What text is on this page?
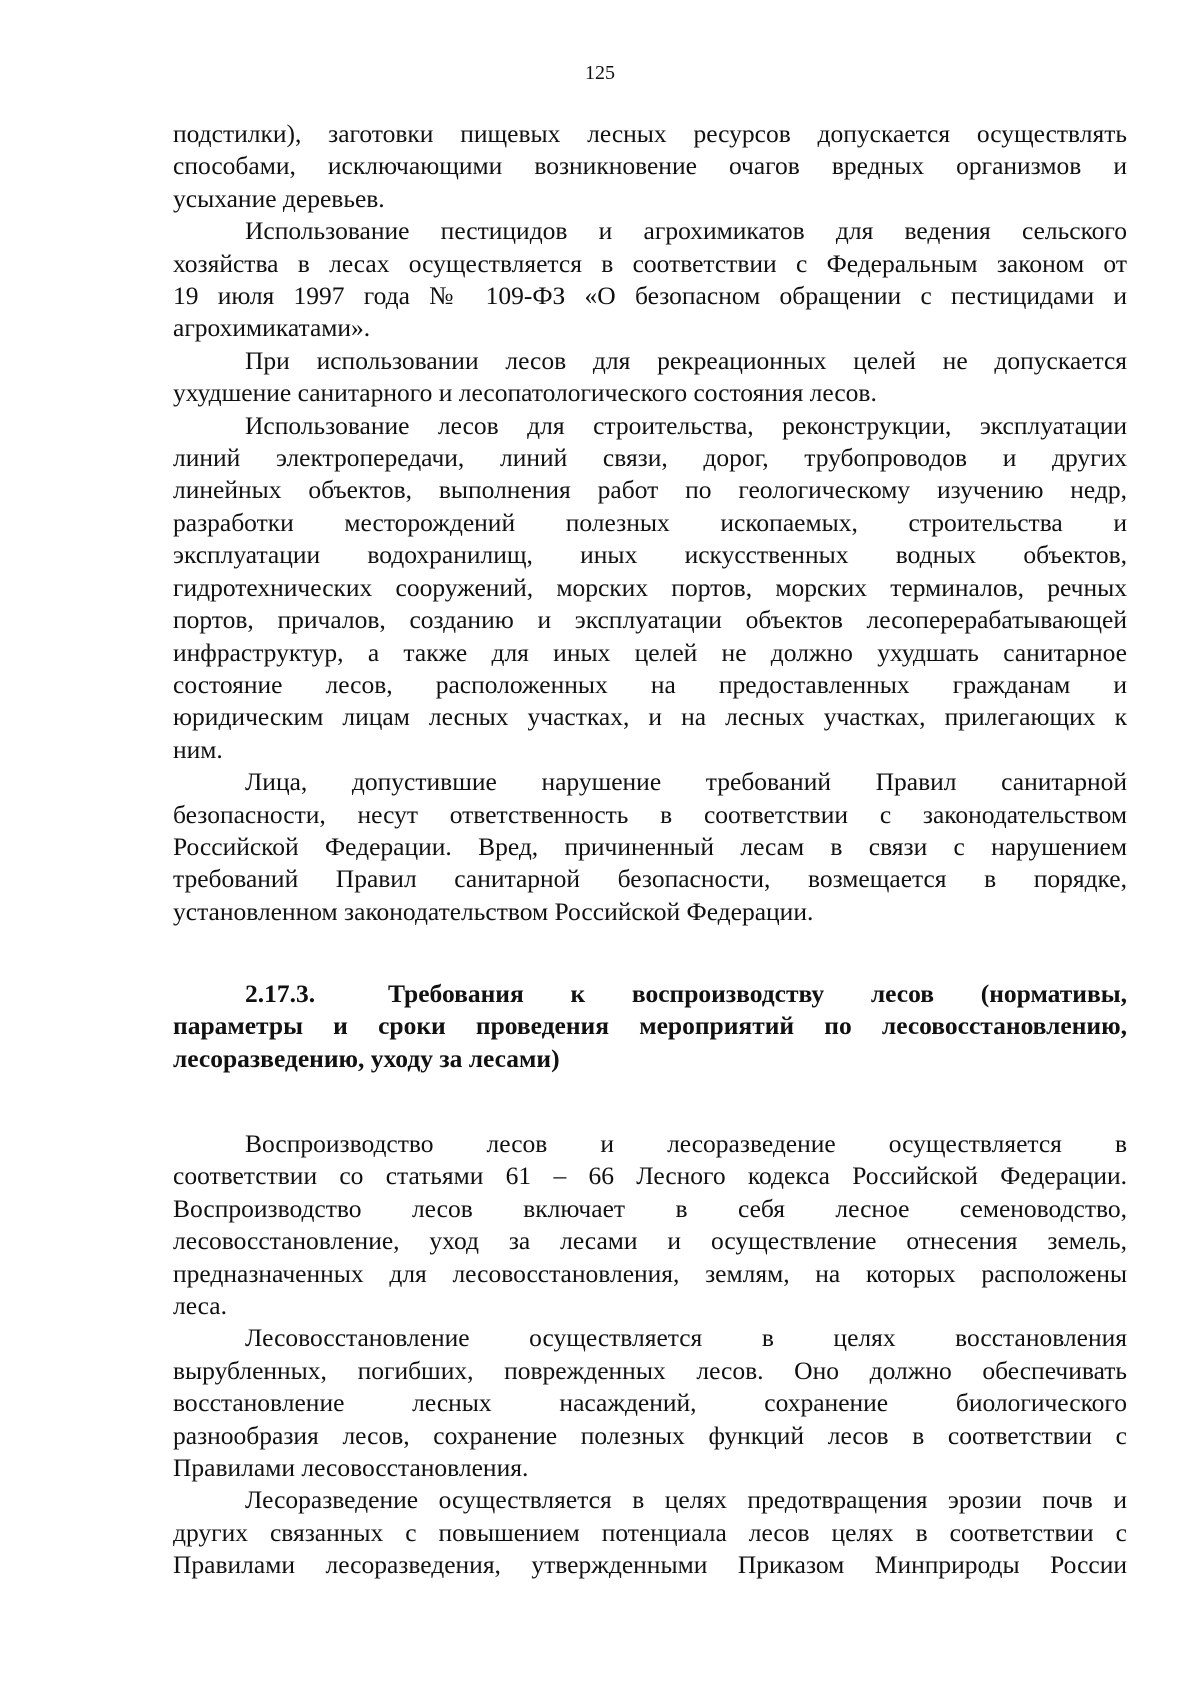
125

подстилки), заготовки пищевых лесных ресурсов допускается осуществлять
способами, исключающими возникновение очагов вредных организмов и
усыхание деревьев.

Использование пестицидов и агрохимикатов для ведения сельского
хозяйства в лесах осуществляется в соответствии с Федеральным законом от
19 июля 1997 года № 109-ФЗ «О безопасном обращении с пестицидами и
агрохимикатами».

При использовании лесов для рекреационных целей не допускается
ухудшение санитарного и лесопатологического состояния лесов.

Использование лесов для строительства, реконструкции, эксплуатации
линий электропередачи, линий связи, дорог, трубопроводов и других
линейных объектов, выполнения работ по геологическому изучению недр,
разработки месторождений полезных ископаемых, строительства и
эксплуатации водохранилищ, иных искусственных водных объектов,
гидротехнических сооружений, морских портов, морских терминалов, речных
портов, причалов, созданию и эксплуатации объектов лесоперерабатывающей
инфраструктур, а также для иных целей не должно ухудшать санитарное
состояние лесов, расположенных на предоставленных гражданам и
юридическим лицам лесных участках, и на лесных участках, прилегающих к
ним.

Лица, допустившие нарушение требований Правил санитарной
безопасности, несут ответственность в соответствии с законодательством
Российской Федерации. Вред, причиненный лесам в связи с нарушением
требований Правил санитарной безопасности, возмещается в порядке,
установленном законодательством Российской Федерации.

2.17.3.	Требования к воспроизводству лесов (нормативы,
параметры и сроки проведения мероприятий по лесовосстановлению,
лесоразведению, уходу за лесами)

Воспроизводство лесов и лесоразведение осуществляется в
соответствии со статьями 61 – 66 Лесного кодекса Российской Федерации.
Воспроизводство лесов включает в себя лесное семеноводство,
лесовосстановление, уход за лесами и осуществление отнесения земель,
предназначенных для лесовосстановления, землям, на которых расположены
леса.

Лесовосстановление осуществляется в целях восстановления
вырубленных, погибших, поврежденных лесов. Оно должно обеспечивать
восстановление лесных насаждений, сохранение биологического
разнообразия лесов, сохранение полезных функций лесов в соответствии с
Правилами лесовосстановления.

Лесоразведение осуществляется в целях предотвращения эрозии почв и
других связанных с повышением потенциала лесов целях в соответствии с
Правилами лесоразведения, утвержденными Приказом Минприроды России
